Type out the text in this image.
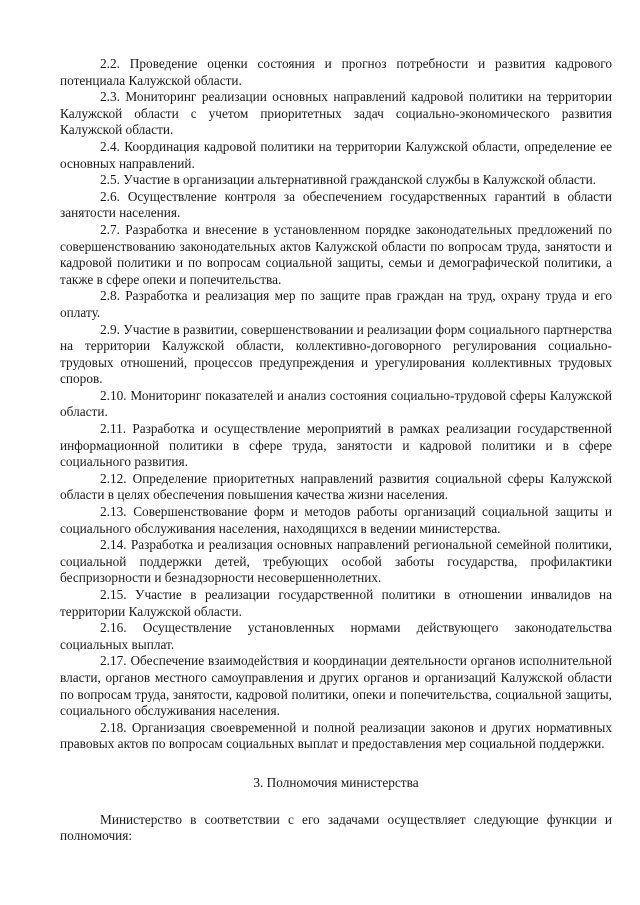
2.2. Проведение оценки состояния и прогноз потребности и развития кадрового потенциала Калужской области.

2.3. Мониторинг реализации основных направлений кадровой политики на территории Калужской области с учетом приоритетных задач социально-экономического развития Калужской области.

2.4. Координация кадровой политики на территории Калужской области, определение ее основных направлений.

2.5. Участие в организации альтернативной гражданской службы в Калужской области.

2.6. Осуществление контроля за обеспечением государственных гарантий в области занятости населения.

2.7. Разработка и внесение в установленном порядке законодательных предложений по совершенствованию законодательных актов Калужской области по вопросам труда, занятости и кадровой политики и по вопросам социальной защиты, семьи и демографической политики, а также в сфере опеки и попечительства.

2.8. Разработка и реализация мер по защите прав граждан на труд, охрану труда и его оплату.

2.9. Участие в развитии, совершенствовании и реализации форм социального партнерства на территории Калужской области, коллективно-договорного регулирования социально-трудовых отношений, процессов предупреждения и урегулирования коллективных трудовых споров.

2.10. Мониторинг показателей и анализ состояния социально-трудовой сферы Калужской области.

2.11. Разработка и осуществление мероприятий в рамках реализации государственной информационной политики в сфере труда, занятости и кадровой политики и в сфере социального развития.

2.12. Определение приоритетных направлений развития социальной сферы Калужской области в целях обеспечения повышения качества жизни населения.

2.13. Совершенствование форм и методов работы организаций социальной защиты и социального обслуживания населения, находящихся в ведении министерства.

2.14. Разработка и реализация основных направлений региональной семейной политики, социальной поддержки детей, требующих особой заботы государства, профилактики беспризорности и безнадзорности несовершеннолетних.

2.15. Участие в реализации государственной политики в отношении инвалидов на территории Калужской области.

2.16. Осуществление установленных нормами действующего законодательства социальных выплат.

2.17. Обеспечение взаимодействия и координации деятельности органов исполнительной власти, органов местного самоуправления и других органов и организаций Калужской области по вопросам труда, занятости, кадровой политики, опеки и попечительства, социальной защиты, социального обслуживания населения.

2.18. Организация своевременной и полной реализации законов и других нормативных правовых актов по вопросам социальных выплат и предоставления мер социальной поддержки.

3. Полномочия министерства

Министерство в соответствии с его задачами осуществляет следующие функции и полномочия:
